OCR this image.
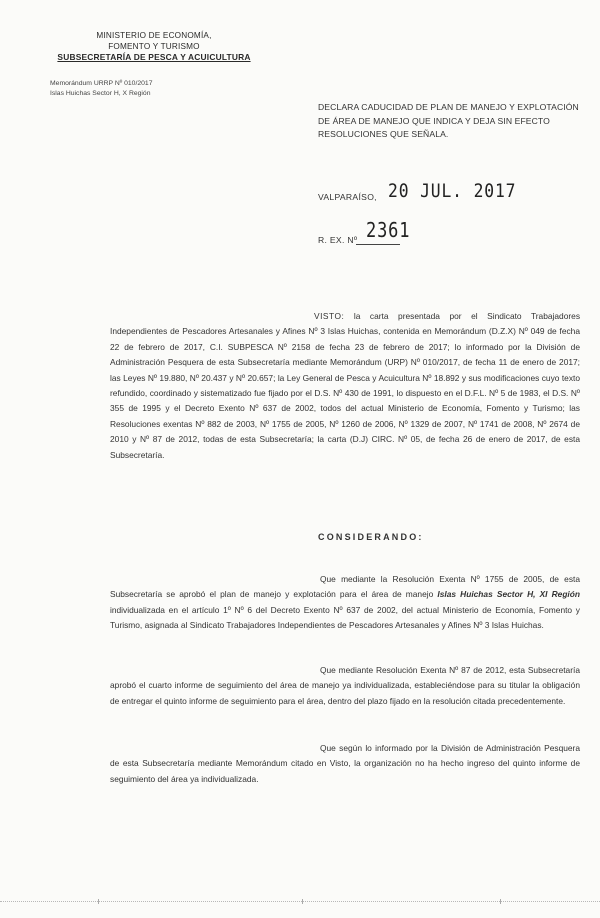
MINISTERIO DE ECONOMÍA,
FOMENTO Y TURISMO
SUBSECRETARÍA DE PESCA Y ACUICULTURA
Memorándum URRP Nº 010/2017
Islas Huichas Sector H, X Región
DECLARA CADUCIDAD DE PLAN DE MANEJO Y EXPLOTACIÓN DE ÁREA DE MANEJO QUE INDICA Y DEJA SIN EFECTO RESOLUCIONES QUE SEÑALA.
VALPARAÍSO, 20 JUL. 2017
R. EX. Nº 2361
VISTO: la carta presentada por el Sindicato Trabajadores Independientes de Pescadores Artesanales y Afines Nº 3 Islas Huichas, contenida en Memorándum (D.Z.X) Nº 049 de fecha 22 de febrero de 2017, C.I. SUBPESCA Nº 2158 de fecha 23 de febrero de 2017; lo informado por la División de Administración Pesquera de esta Subsecretaría mediante Memorándum (URP) Nº 010/2017, de fecha 11 de enero de 2017; las Leyes Nº 19.880, Nº 20.437 y Nº 20.657; la Ley General de Pesca y Acuicultura Nº 18.892 y sus modificaciones cuyo texto refundido, coordinado y sistematizado fue fijado por el D.S. Nº 430 de 1991, lo dispuesto en el D.F.L. Nº 5 de 1983, el D.S. Nº 355 de 1995 y el Decreto Exento Nº 637 de 2002, todos del actual Ministerio de Economía, Fomento y Turismo; las Resoluciones exentas Nº 882 de 2003, Nº 1755 de 2005, Nº 1260 de 2006, Nº 1329 de 2007, Nº 1741 de 2008, Nº 2674 de 2010 y Nº 87 de 2012, todas de esta Subsecretaría; la carta (D.J) CIRC. Nº 05, de fecha 26 de enero de 2017, de esta Subsecretaría.
CONSIDERANDO:
Que mediante la Resolución Exenta Nº 1755 de 2005, de esta Subsecretaría se aprobó el plan de manejo y explotación para el área de manejo Islas Huichas Sector H, XI Región individualizada en el artículo 1º Nº 6 del Decreto Exento Nº 637 de 2002, del actual Ministerio de Economía, Fomento y Turismo, asignada al Sindicato Trabajadores Independientes de Pescadores Artesanales y Afines Nº 3 Islas Huichas.
Que mediante Resolución Exenta Nº 87 de 2012, esta Subsecretaría aprobó el cuarto informe de seguimiento del área de manejo ya individualizada, estableciéndose para su titular la obligación de entregar el quinto informe de seguimiento para el área, dentro del plazo fijado en la resolución citada precedentemente.
Que según lo informado por la División de Administración Pesquera de esta Subsecretaría mediante Memorándum citado en Visto, la organización no ha hecho ingreso del quinto informe de seguimiento del área ya individualizada.
